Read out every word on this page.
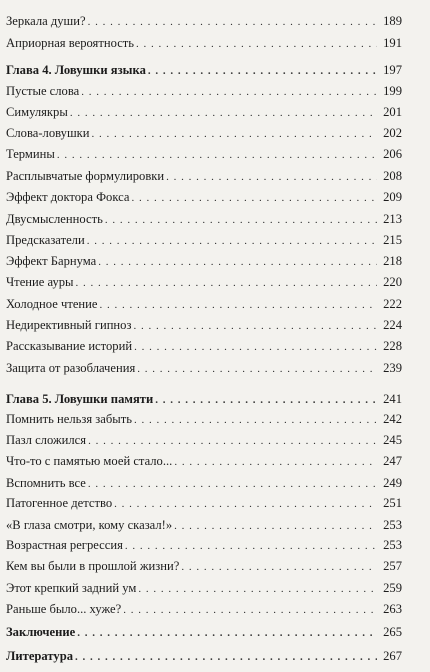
Зеркала души? . . .	189
Априорная вероятность . . .	191
Глава 4. Ловушки языка . . .	197
Пустые слова . . .	199
Симулякры . . .	201
Слова-ловушки . . .	202
Термины . . .	206
Расплывчатые формулировки . . .	208
Эффект доктора Фокса . . .	209
Двусмысленность . . .	213
Предсказатели . . .	215
Эффект Барнума . . .	218
Чтение ауры . . .	220
Холодное чтение . . .	222
Недирективный гипноз . . .	224
Рассказывание историй . . .	228
Защита от разоблачения . . .	239
Глава 5. Ловушки памяти . . .	241
Помнить нельзя забыть . . .	242
Пазл сложился . . .	245
Что-то с памятью моей стало... . . .	247
Вспомнить все . . .	249
Патогенное детство . . .	251
«В глаза смотри, кому сказал!» . . .	253
Возрастная регрессия . . .	253
Кем вы были в прошлой жизни? . . .	257
Этот крепкий задний ум . . .	259
Раньше было... хуже? . . .	263
Заключение . . .	265
Литература . . .	267
